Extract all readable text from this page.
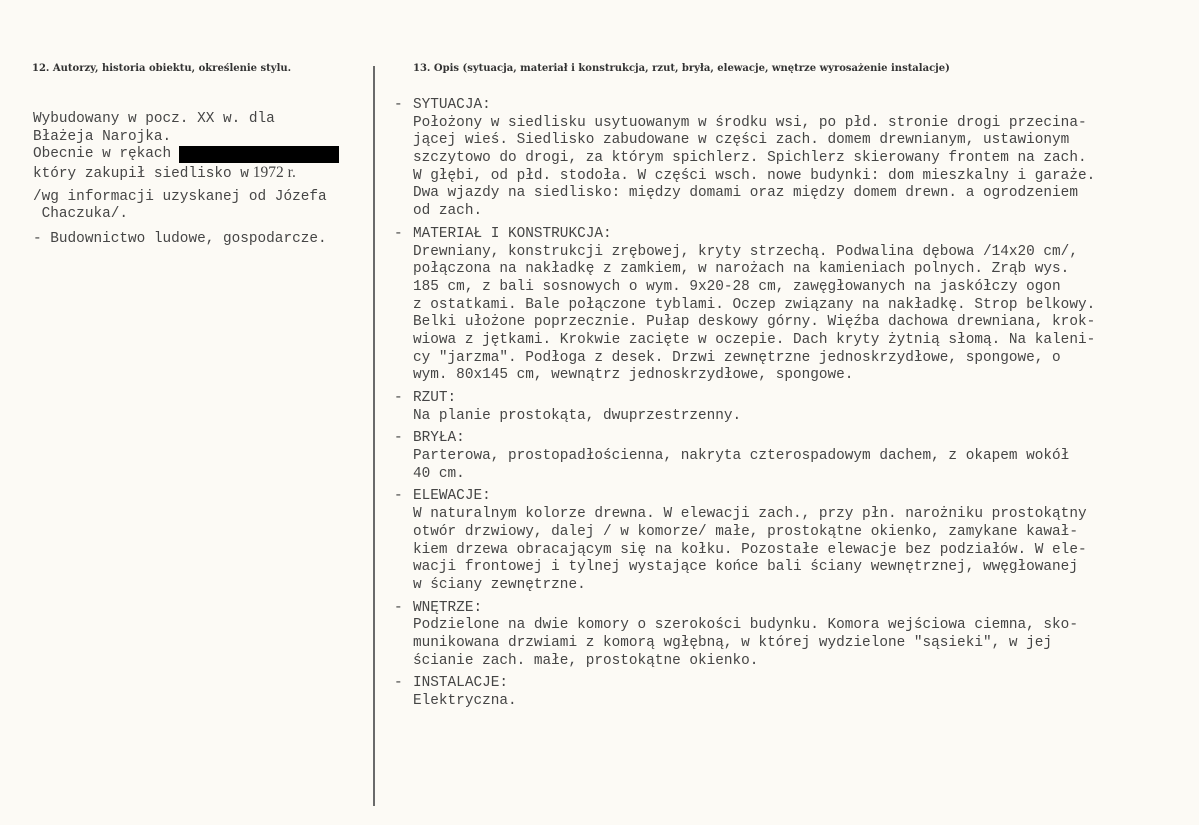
12. Autorzy, historia obiektu, określenie stylu.	13. Opis (sytuacja, materiał i konstrukcja, rzut, bryła, elewacje, wnętrze wyrosażenie instalacje)
Wybudowany w pocz. XX w. dla
Błażeja Narojka.
Obecnie w rękach
który zakupił siedlisko w 1972 r.
/wg informacji uzyskanej od Józefa
Chaczuka/.
- Budownictwo ludowe, gospodarcze.
- SYTUACJA:
Położony w siedlisku usytuowanym w środku wsi, po płd. stronie drogi przecina-
jącej wieś. Siedlisko zabudowane w części zach. domem drewnianym, ustawionym
szczytowo do drogi, za którym spichlerz. Spichlerz skierowany frontem na zach.
W głębi, od płd. stodoła. W części wsch. nowe budynki: dom mieszkalny i garaże.
Dwa wjazdy na siedlisko: między domami oraz między domem drewn. a ogrodzeniem
od zach.
- MATERIAŁ I KONSTRUKCJA:
Drewniany, konstrukcji zrębowej, kryty strzechą. Podwalina dębowa /14x20 cm/,
połączona na nakładkę z zamkiem, w narożach na kamieniach polnych. Zrąb wys.
185 cm, z bali sosnowych o wym. 9x20-28 cm, zawęgłowanych na jaskółczy ogon
z ostatkami. Bale połączone tyblami. Oczep związany na nakładkę. Strop belkowy.
Belki ułożone poprzecznie. Pułap deskowy górny. Więźba dachowa drewniana, krok-
wiowa z jętkami. Krokwie zacięte w oczepie. Dach kryty żytnią słomą. Na kaleni-
cy "jarzma". Podłoga z desek. Drzwi zewnętrzne jednoskrzydłowe, spongowe, o
wym. 80x145 cm, wewnątrz jednoskrzydłowe, spongowe.
- RZUT:
Na planie prostokąta, dwuprzestrzenny.
- BRYŁA:
Parterowa, prostopadłościenna, nakryta czterospadowym dachem, z okapem wokół
40 cm.
- ELEWACJE:
W naturalnym kolorze drewna. W elewacji zach., przy płn. narożniku prostokątny
otwór drzwiowy, dalej / w komorze/ małe, prostokątne okienko, zamykane kawał-
kiem drzewa obracającym się na kołku. Pozostałe elewacje bez podziałów. W ele-
wacji frontowej i tylnej wystające końce bali ściany wewnętrznej, wwęgłowanej
w ściany zewnętrzne.
- WNĘTRZE:
Podzielone na dwie komory o szerokości budynku. Komora wejściowa ciemna, sko-
munikowana drzwiami z komorą wgłębną, w której wydzielone "sąsieki", w jej
ścianie zach. małe, prostokątne okienko.
- INSTALACJE:
Elektryczna.
